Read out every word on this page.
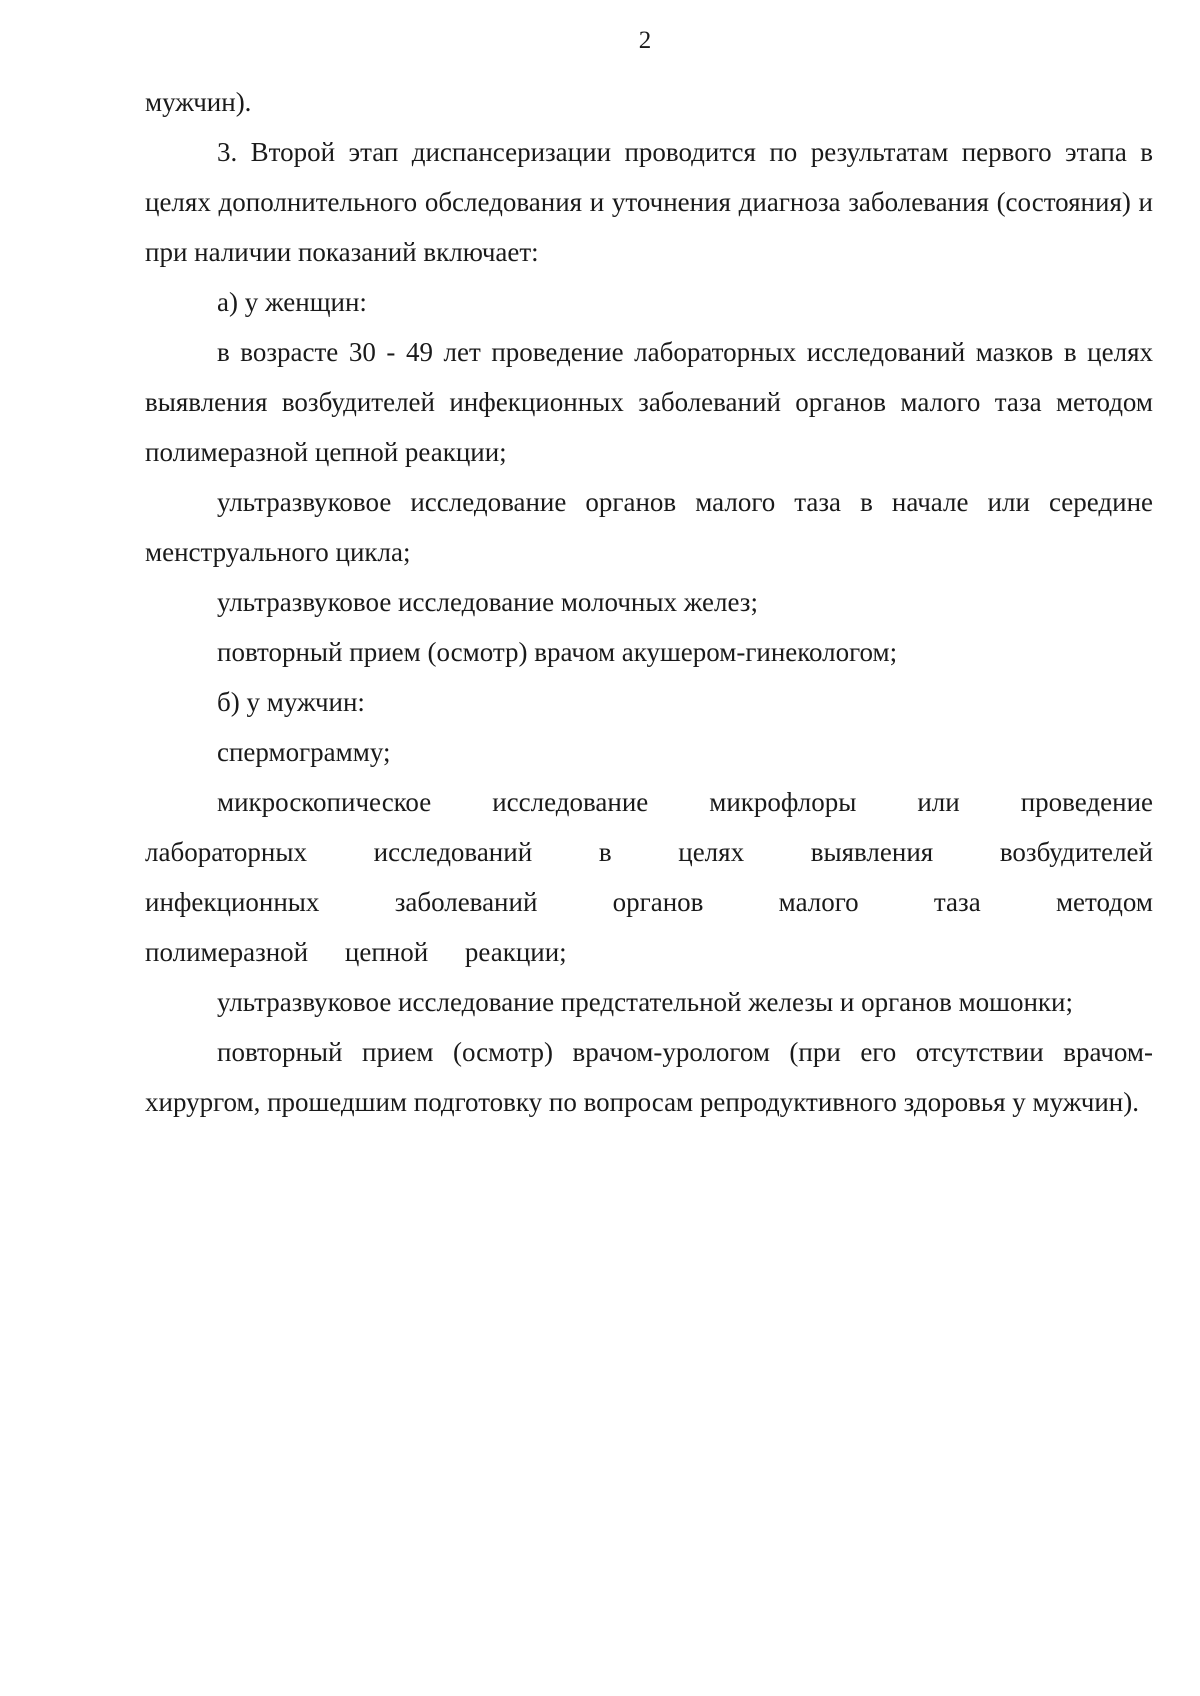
2

мужчин).

3. Второй этап диспансеризации проводится по результатам первого этапа в целях дополнительного обследования и уточнения диагноза заболевания (состояния) и при наличии показаний включает:

а) у женщин:

в возрасте 30 - 49 лет проведение лабораторных исследований мазков в целях выявления возбудителей инфекционных заболеваний органов малого таза методом полимеразной цепной реакции;

ультразвуковое исследование органов малого таза в начале или середине менструального цикла;

ультразвуковое исследование молочных желез;

повторный прием (осмотр) врачом акушером-гинекологом;

б) у мужчин:

спермограмму;

микроскопическое исследование микрофлоры или проведение лабораторных исследований в целях выявления возбудителей инфекционных заболеваний органов малого таза методом полимеразной цепной реакции;

ультразвуковое исследование предстательной железы и органов мошонки;

повторный прием (осмотр) врачом-урологом (при его отсутствии врачом-хирургом, прошедшим подготовку по вопросам репродуктивного здоровья у мужчин).
